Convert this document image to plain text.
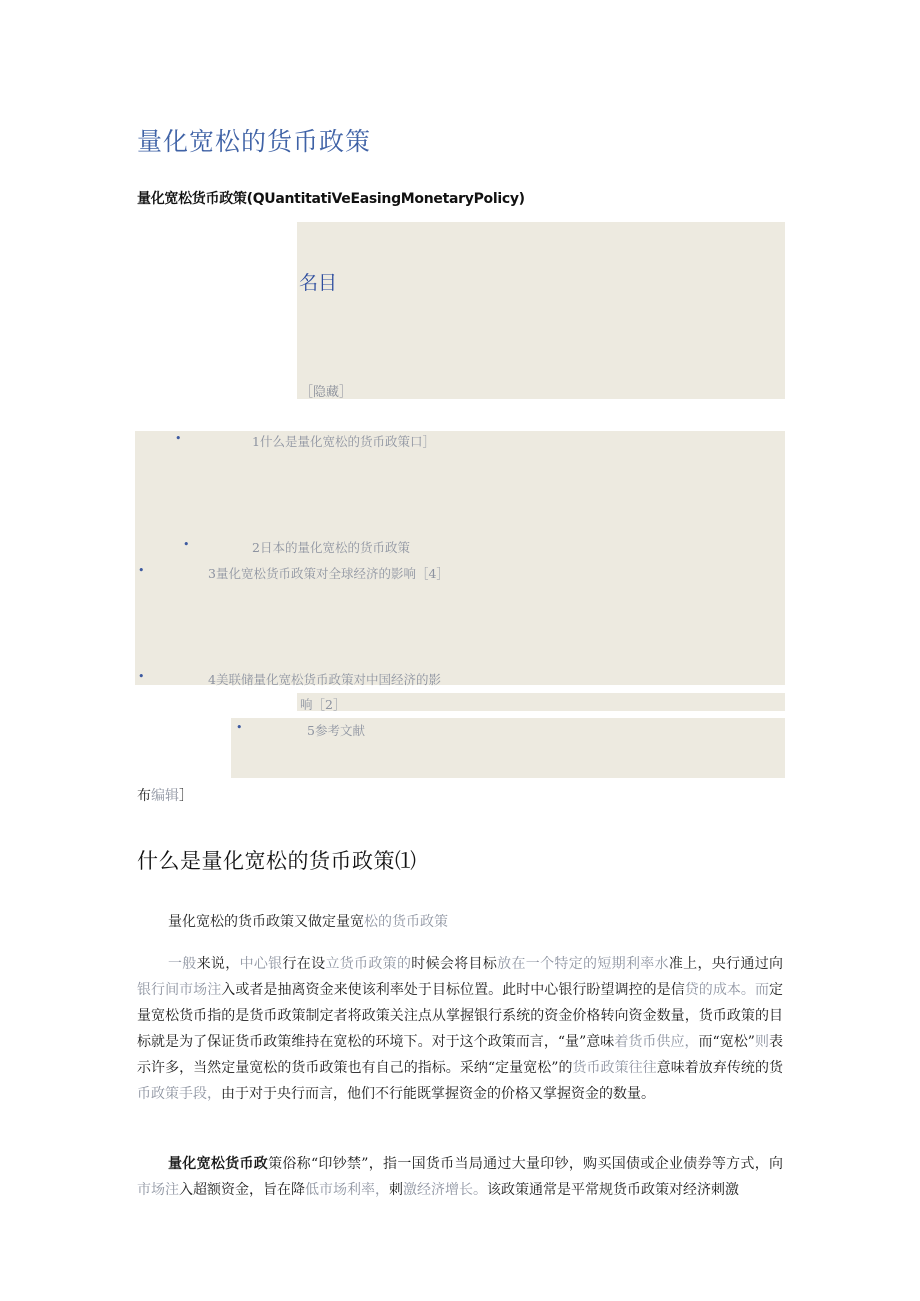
量化宽松的货币政策
量化宽松货币政策(QUantitatiVeEasingMonetaryPolicy)
名目
［隐藏］
•	1什么是量化宽松的货币政策口］
•	2日本的量化宽松的货币政策
•	3量化宽松货币政策对全球经济的影响［4］
•	4美联储量化宽松货币政策对中国经济的影
响［2］
•	5参考文献
布编辑］
什么是量化宽松的货币政策⑴
量化宽松的货币政策又做定量宽松的货币政策
一般来说，中心银行在设立货币政策的时候会将目标放在一个特定的短期利率水准上，央行通过向银行间市场注入或者是抽离资金来使该利率处于目标位置。此时中心银行盼望调控的是信贷的成本。而定量宽松货币指的是货币政策制定者将政策关注点从掌握银行系统的资金价格转向资金数量，货币政策的目标就是为了保证货币政策维持在宽松的环境下。对于这个政策而言，“量”意味着货币供应，而“宽松”则表示许多，当然定量宽松的货币政策也有自己的指标。采纳“定量宽松”的货币政策往往意味着放弃传统的货币政策手段，由于对于央行而言，他们不行能既掌握资金的价格又掌握资金的数量。
量化宽松货币政策俗称“印钞禁”，指一国货币当局通过大量印钞，购买国债或企业债券等方式，向市场注入超额资金，旨在降低市场利率，刺激经济增长。该政策通常是平常规货币政策对经济刺激
